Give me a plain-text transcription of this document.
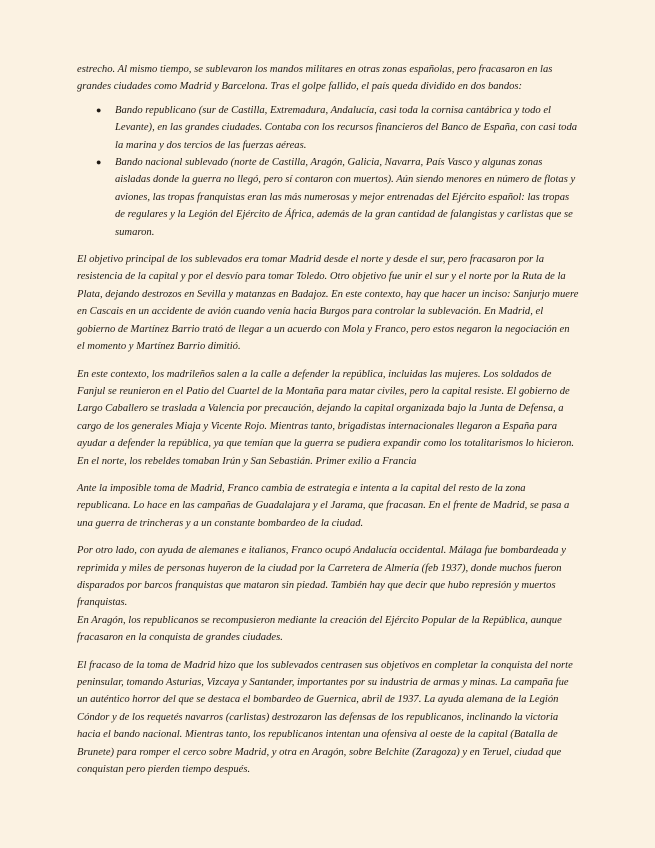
estrecho. Al mismo tiempo, se sublevaron los mandos militares en otras zonas españolas, pero fracasaron en las grandes ciudades como Madrid y Barcelona. Tras el golpe fallido, el país queda dividido en dos bandos:

● Bando republicano (sur de Castilla, Extremadura, Andalucía, casi toda la cornisa cantábrica y todo el Levante), en las grandes ciudades. Contaba con los recursos financieros del Banco de España, con casi toda la marina y dos tercios de las fuerzas aéreas.
● Bando nacional sublevado (norte de Castilla, Aragón, Galicia, Navarra, País Vasco y algunas zonas aisladas donde la guerra no llegó, pero sí contaron con muertos). Aún siendo menores en número de flotas y aviones, las tropas franquistas eran las más numerosas y mejor entrenadas del Ejército español: las tropas de regulares y la Legión del Ejército de África, además de la gran cantidad de falangistas y carlistas que se sumaron.

El objetivo principal de los sublevados era tomar Madrid desde el norte y desde el sur, pero fracasaron por la resistencia de la capital y por el desvío para tomar Toledo. Otro objetivo fue unir el sur y el norte por la Ruta de la Plata, dejando destrozos en Sevilla y matanzas en Badajoz. En este contexto, hay que hacer un inciso: Sanjurjo muere en Cascais en un accidente de avión cuando venía hacia Burgos para controlar la sublevación. En Madrid, el gobierno de Martínez Barrio trató de llegar a un acuerdo con Mola y Franco, pero estos negaron la negociación en el momento y Martínez Barrio dimitió.

En este contexto, los madrileños salen a la calle a defender la república, incluidas las mujeres. Los soldados de Fanjul se reunieron en el Patio del Cuartel de la Montaña para matar civiles, pero la capital resiste. El gobierno de Largo Caballero se traslada a Valencia por precaución, dejando la capital organizada bajo la Junta de Defensa, a cargo de los generales Miaja y Vicente Rojo. Mientras tanto, brigadistas internacionales llegaron a España para ayudar a defender la república, ya que temían que la guerra se pudiera expandir como los totalitarismos lo hicieron. En el norte, los rebeldes tomaban Irún y San Sebastián. Primer exilio a Francia

Ante la imposible toma de Madrid, Franco cambia de estrategia e intenta a la capital del resto de la zona republicana. Lo hace en las campañas de Guadalajara y el Jarama, que fracasan. En el frente de Madrid, se pasa a una guerra de trincheras y a un constante bombardeo de la ciudad.

Por otro lado, con ayuda de alemanes e italianos, Franco ocupó Andalucía occidental. Málaga fue bombardeada y reprimida y miles de personas huyeron de la ciudad por la Carretera de Almería (feb 1937), donde muchos fueron disparados por barcos franquistas que mataron sin piedad. También hay que decir que hubo represión y muertos franquistas.

En Aragón, los republicanos se recompusieron mediante la creación del Ejército Popular de la República, aunque fracasaron en la conquista de grandes ciudades.

El fracaso de la toma de Madrid hizo que los sublevados centrasen sus objetivos en completar la conquista del norte peninsular, tomando Asturias, Vizcaya y Santander, importantes por su industria de armas y minas. La campaña fue un auténtico horror del que se destaca el bombardeo de Guernica, abril de 1937. La ayuda alemana de la Legión Cóndor y de los requetés navarros (carlistas) destrozaron las defensas de los republicanos, inclinando la victoria hacia el bando nacional. Mientras tanto, los republicanos intentan una ofensiva al oeste de la capital (Batalla de Brunete) para romper el cerco sobre Madrid, y otra en Aragón, sobre Belchite (Zaragoza) y en Teruel, ciudad que conquistan pero pierden tiempo después.
